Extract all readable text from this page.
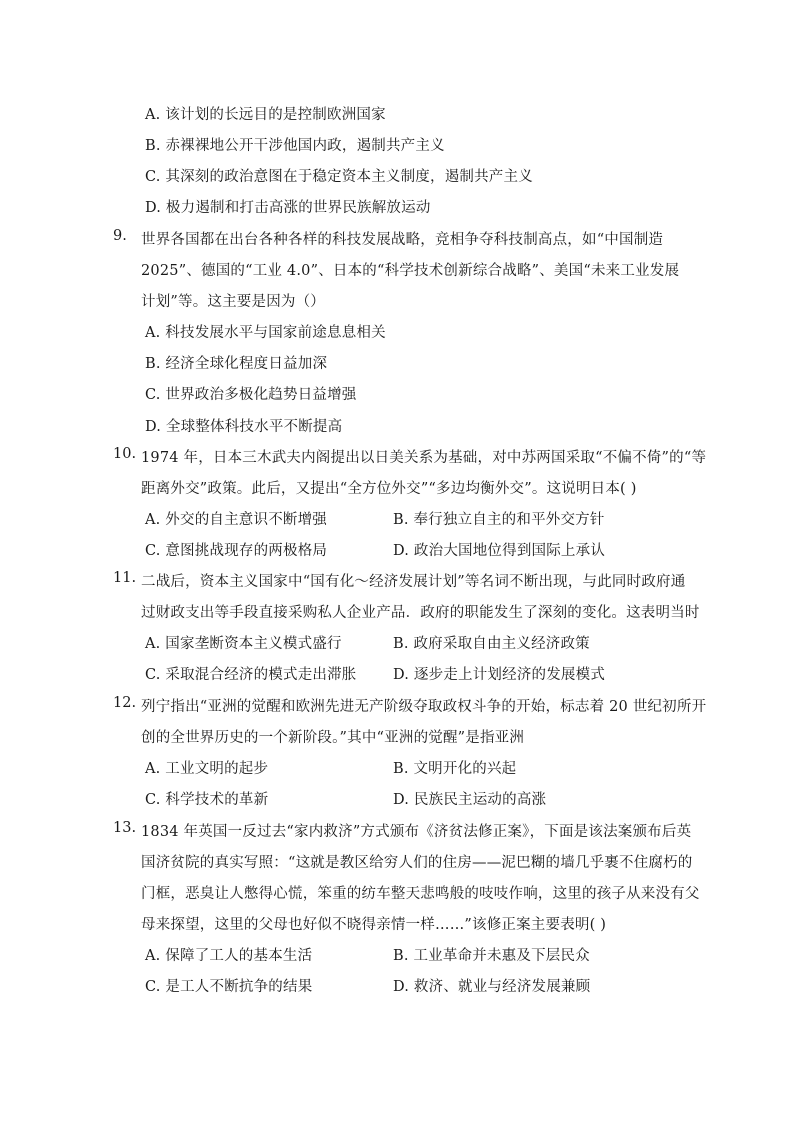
A. 该计划的长远目的是控制欧洲国家
B. 赤裸裸地公开干涉他国内政，遏制共产主义
C. 其深刻的政治意图在于稳定资本主义制度，遏制共产主义
D. 极力遏制和打击高涨的世界民族解放运动
9. 世界各国都在出台各种各样的科技发展战略，竞相争夺科技制高点，如“中国制造
2025”、德国的“工业 4.0”、日本的“科学技术创新综合战略”、美国“未来工业发展
计划”等。这主要是因为（）
A. 科技发展水平与国家前途息息相关
B. 经济全球化程度日益加深
C. 世界政治多极化趋势日益增强
D. 全球整体科技水平不断提高
10. 1974 年，日本三木武夫内阁提出以日美关系为基础，对中苏两国采取“不偏不倚”的“等
距离外交”政策。此后，又提出“全方位外交”“多边均衡外交”。这说明日本( )
A. 外交的自主意识不断增强	B. 奉行独立自主的和平外交方针
C. 意图挑战现存的两极格局	D. 政治大国地位得到国际上承认
11. 二战后，资本主义国家中“国有化～经济发展计划”等名词不断出现，与此同时政府通
过财政支出等手段直接采购私人企业产品．政府的职能发生了深刻的变化。这表明当时
A. 国家垄断资本主义模式盛行	B. 政府采取自由主义经济政策
C. 采取混合经济的模式走出滞胀	D. 逐步走上计划经济的发展模式
12. 列宁指出“亚洲的觉醒和欧洲先进无产阶级夺取政权斗争的开始，标志着 20 世纪初所开
创的全世界历史的一个新阶段。”其中“亚洲的觉醒”是指亚洲
A. 工业文明的起步	B. 文明开化的兴起
C. 科学技术的革新	D. 民族民主运动的高涨
13. 1834 年英国一反过去“家内救济”方式颁布《济贫法修正案》，下面是该法案颁布后英
国济贫院的真实写照：“这就是教区给穷人们的住房——泥巴糊的墙几乎裹不住腐朽的
门框，恶臭让人憋得心慌，笨重的纺车整天悲鸣般的吱吱作响，这里的孩子从来没有父
母来探望，这里的父母也好似不晓得亲情一样……”该修正案主要表明( )
A. 保障了工人的基本生活	B. 工业革命并未惠及下层民众
C. 是工人不断抗争的结果	D. 救济、就业与经济发展兼顾
